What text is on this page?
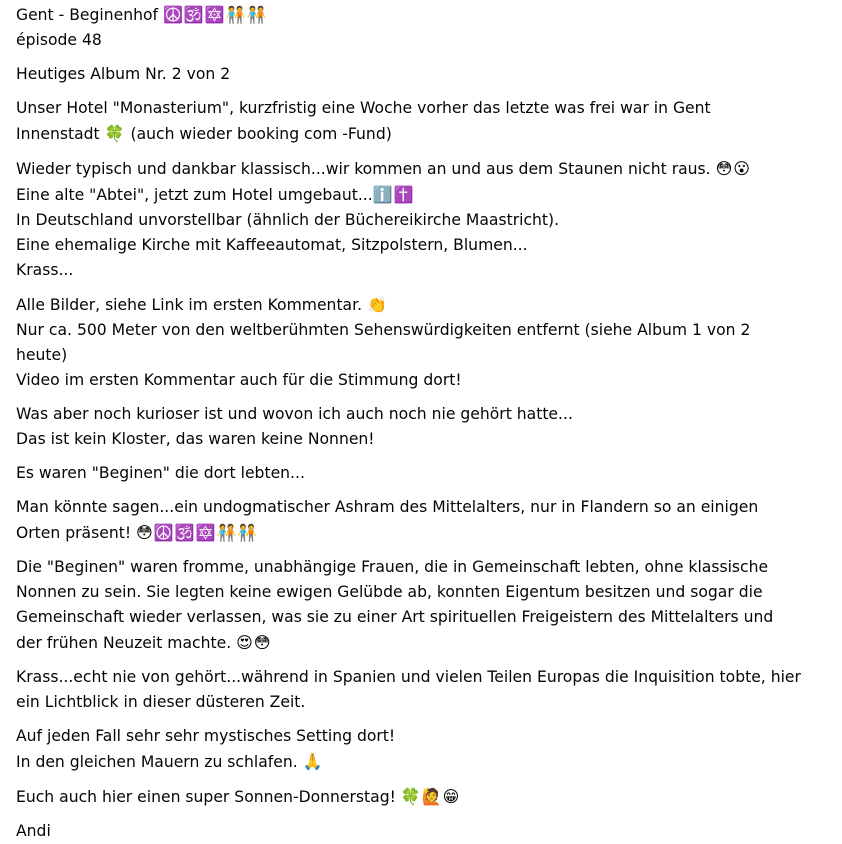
Gent - Beginenhof ☮️🕉️🔯🧑‍🤝‍🧑🧑‍🤝‍🧑
épisode 48
Heutiges Album Nr. 2 von 2
Unser Hotel "Monasterium", kurzfristig eine Woche vorher das letzte was frei war in Gent
Innenstadt 🍀 (auch wieder booking com -Fund)
Wieder typisch und dankbar klassisch...wir kommen an und aus dem Staunen nicht raus. 😳😮
Eine alte "Abtei", jetzt zum Hotel umgebaut...ℹ️✝️
In Deutschland unvorstellbar (ähnlich der Büchereikirche Maastricht).
Eine ehemalige Kirche mit Kaffeeautomat, Sitzpolstern, Blumen...
Krass...
Alle Bilder, siehe Link im ersten Kommentar. 👏
Nur ca. 500 Meter von den weltberühmten Sehenswürdigkeiten entfernt (siehe Album 1 von 2
heute)
Video im ersten Kommentar auch für die Stimmung dort!
Was aber noch kurioser ist und wovon ich auch noch nie gehört hatte...
Das ist kein Kloster, das waren keine Nonnen!
Es waren "Beginen" die dort lebten...
Man könnte sagen...ein undogmatischer Ashram des Mittelalters, nur in Flandern so an einigen
Orten präsent! 😳☮️🕉️🔯🧑‍🤝‍🧑🧑‍🤝‍🧑
Die "Beginen" waren fromme, unabhängige Frauen, die in Gemeinschaft lebten, ohne klassische
Nonnen zu sein. Sie legten keine ewigen Gelübde ab, konnten Eigentum besitzen und sogar die
Gemeinschaft wieder verlassen, was sie zu einer Art spirituellen Freigeistern des Mittelalters und
der frühen Neuzeit machte. 😍😳
Krass...echt nie von gehört...während in Spanien und vielen Teilen Europas die Inquisition tobte, hier
ein Lichtblick in dieser düsteren Zeit.
Auf jeden Fall sehr sehr mystisches Setting dort!
In den gleichen Mauern zu schlafen. 🙏
Euch auch hier einen super Sonnen-Donnerstag! 🍀🙋😁
Andi
